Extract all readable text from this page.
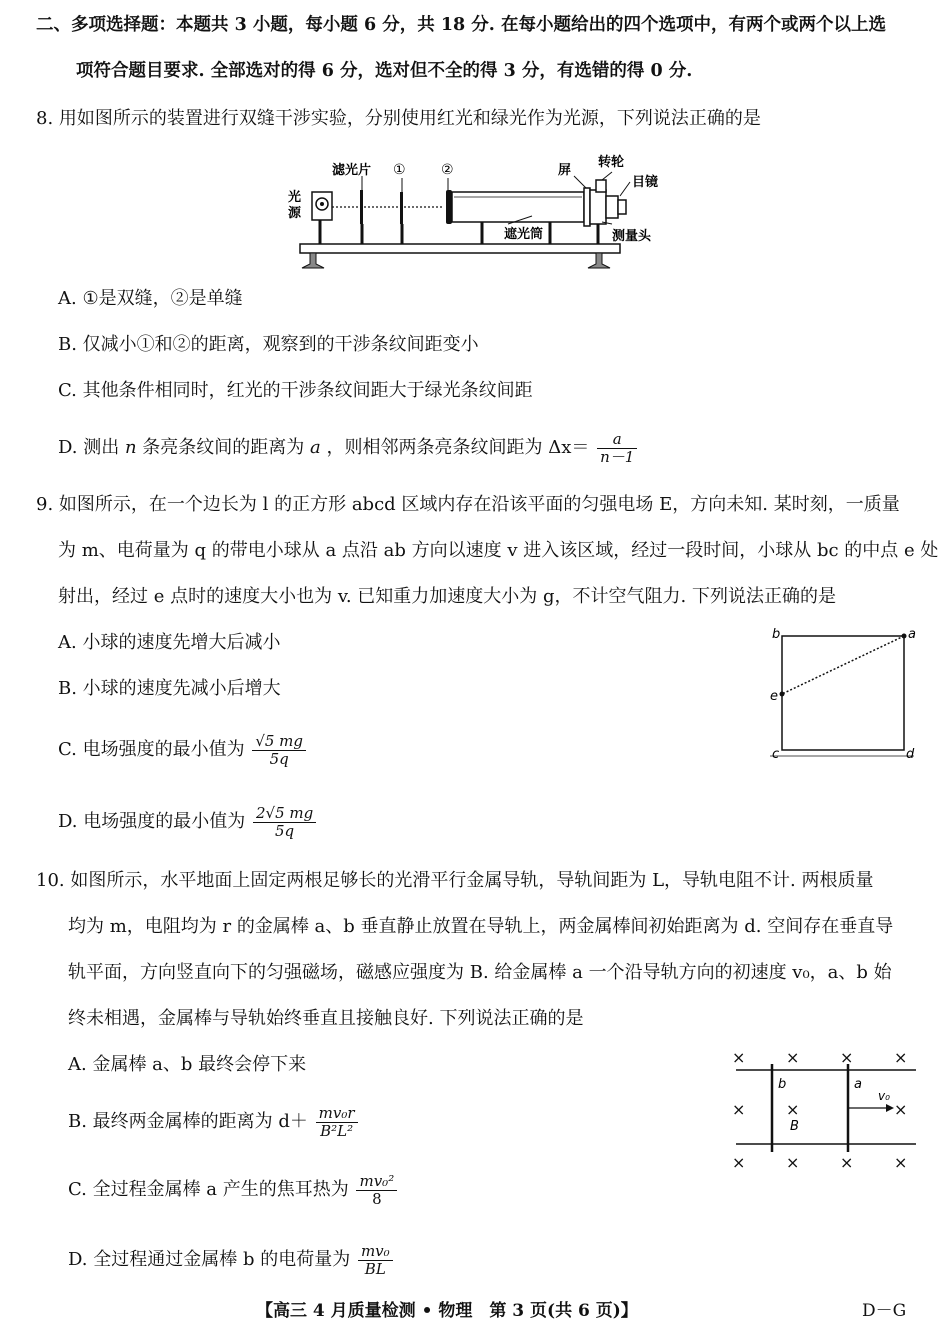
二、多项选择题：本题共 3 小题，每小题 6 分，共 18 分. 在每小题给出的四个选项中，有两个或两个以上选
项符合题目要求. 全部选对的得 6 分，选对但不全的得 3 分，有选错的得 0 分.
8. 用如图所示的装置进行双缝干涉实验，分别使用红光和绿光作为光源，下列说法正确的是
光
源
滤光片 ①	②	屏
转轮
目镜
遮光筒	测量头
A. ①是双缝，②是单缝
B. 仅减小①和②的距离，观察到的干涉条纹间距变小
C. 其他条件相同时，红光的干涉条纹间距大于绿光条纹间距
D. 测出 n 条亮条纹间的距离为 a ，则相邻两条亮条纹间距为 $\Delta x= \frac{a}{n-1}$
9. 如图所示，在一个边长为 l 的正方形 abcd 区域内存在沿该平面的匀强电场 E，方向未知. 某时刻，一质量
为 m、电荷量为 q 的带电小球从 a 点沿 ab 方向以速度 v 进入该区域，经过一段时间，小球从 bc 的中点 e 处
射出，经过 e 点时的速度大小也为 v. 已知重力加速度大小为 g，不计空气阻力. 下列说法正确的是
A. 小球的速度先增大后减小
B. 小球的速度先减小后增大
b	a
e
c	d
C. 电场强度的最小值为 $\frac{√5 mg}{5q}$
D. 电场强度的最小值为 $\frac{2√5 mg}{5q}$
10. 如图所示，水平地面上固定两根足够长的光滑平行金属导轨，导轨间距为 L，导轨电阻不计. 两根质量
均为 m，电阻均为 r 的金属棒 a、b 垂直静止放置在导轨上，两金属棒间初始距离为 d. 空间存在垂直导
轨平面，方向竖直向下的匀强磁场，磁感应强度为 B. 给金属棒 a 一个沿导轨方向的初速度 v₀，a、b 始
终未相遇，金属棒与导轨始终垂直且接触良好. 下列说法正确的是
A. 金属棒 a、b 最终会停下来	×	×	×	×
×	×	×
×	×	×	×
b	a
B
v₀
B. 最终两金属棒的距离为 $d+ \frac{\text{mv₀r}}{\text{B²L²}}$
C. 全过程金属棒 a 产生的焦耳热为 $\frac{\text{mv₀²}}{8}$
D. 全过程通过金属棒 b 的电荷量为 $\frac{\text{mv₀}}{BL}$
【高三 4 月质量检测 • 物理　第 3 页(共 6 页)】	D－G
